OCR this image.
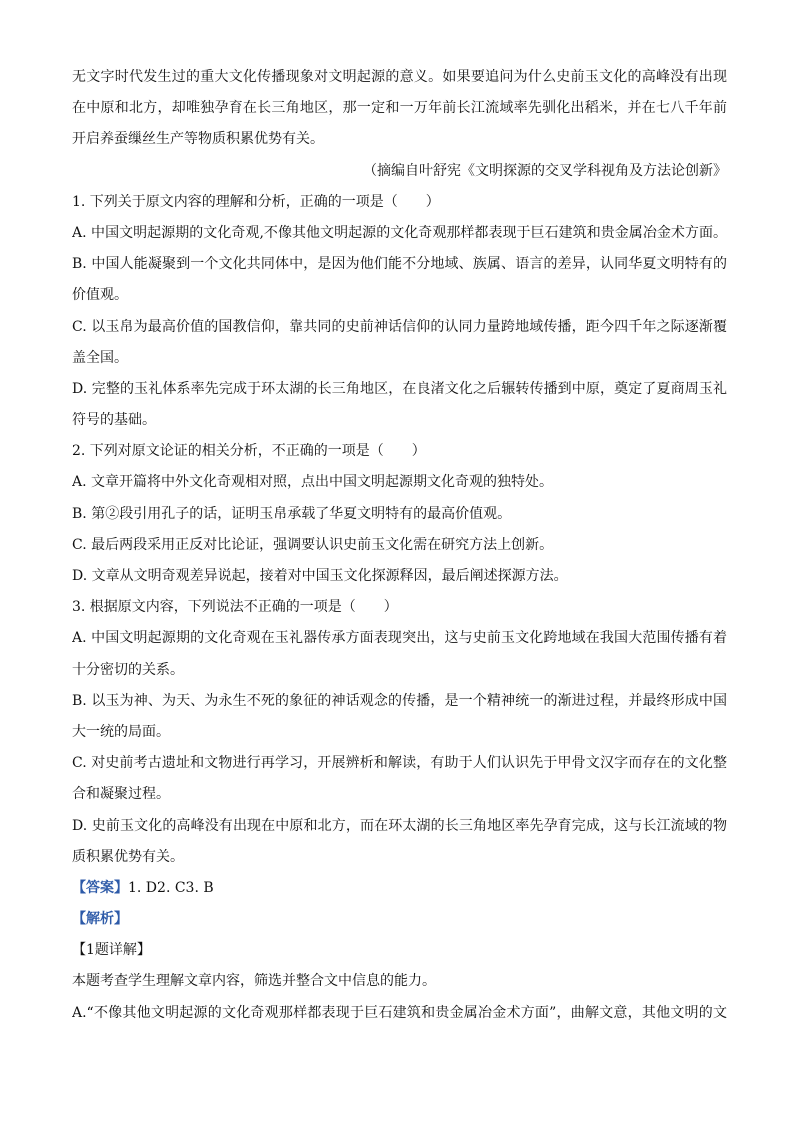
无文字时代发生过的重大文化传播现象对文明起源的意义。如果要追问为什么史前玉文化的高峰没有出现
在中原和北方，却唯独孕育在长三角地区，那一定和一万年前长江流域率先驯化出稻米，并在七八千年前
开启养蚕缫丝生产等物质积累优势有关。
（摘编自叶舒宪《文明探源的交叉学科视角及方法论创新》
1. 下列关于原文内容的理解和分析，正确的一项是（　　）
A. 中国文明起源期的文化奇观,不像其他文明起源的文化奇观那样都表现于巨石建筑和贵金属冶金术方面。
B. 中国人能凝聚到一个文化共同体中，是因为他们能不分地域、族属、语言的差异，认同华夏文明特有的
价值观。
C. 以玉帛为最高价值的国教信仰，靠共同的史前神话信仰的认同力量跨地域传播，距今四千年之际逐渐覆
盖全国。
D. 完整的玉礼体系率先完成于环太湖的长三角地区，在良渚文化之后辗转传播到中原，奠定了夏商周玉礼
符号的基础。
2. 下列对原文论证的相关分析，不正确的一项是（　　）
A. 文章开篇将中外文化奇观相对照，点出中国文明起源期文化奇观的独特处。
B. 第②段引用孔子的话，证明玉帛承载了华夏文明特有的最高价值观。
C. 最后两段采用正反对比论证，强调要认识史前玉文化需在研究方法上创新。
D. 文章从文明奇观差异说起，接着对中国玉文化探源释因，最后阐述探源方法。
3. 根据原文内容，下列说法不正确的一项是（　　）
A. 中国文明起源期的文化奇观在玉礼器传承方面表现突出，这与史前玉文化跨地域在我国大范围传播有着
十分密切的关系。
B. 以玉为神、为天、为永生不死的象征的神话观念的传播，是一个精神统一的渐进过程，并最终形成中国
大一统的局面。
C. 对史前考古遗址和文物进行再学习，开展辨析和解读，有助于人们认识先于甲骨文汉字而存在的文化整
合和凝聚过程。
D. 史前玉文化的高峰没有出现在中原和北方，而在环太湖的长三角地区率先孕育完成，这与长江流域的物
质积累优势有关。
【答案】1. D2. C3. B
【解析】
【1题详解】
本题考查学生理解文章内容，筛选并整合文中信息的能力。
A.“不像其他文明起源的文化奇观那样都表现于巨石建筑和贵金属冶金术方面”，曲解文意，其他文明的文
